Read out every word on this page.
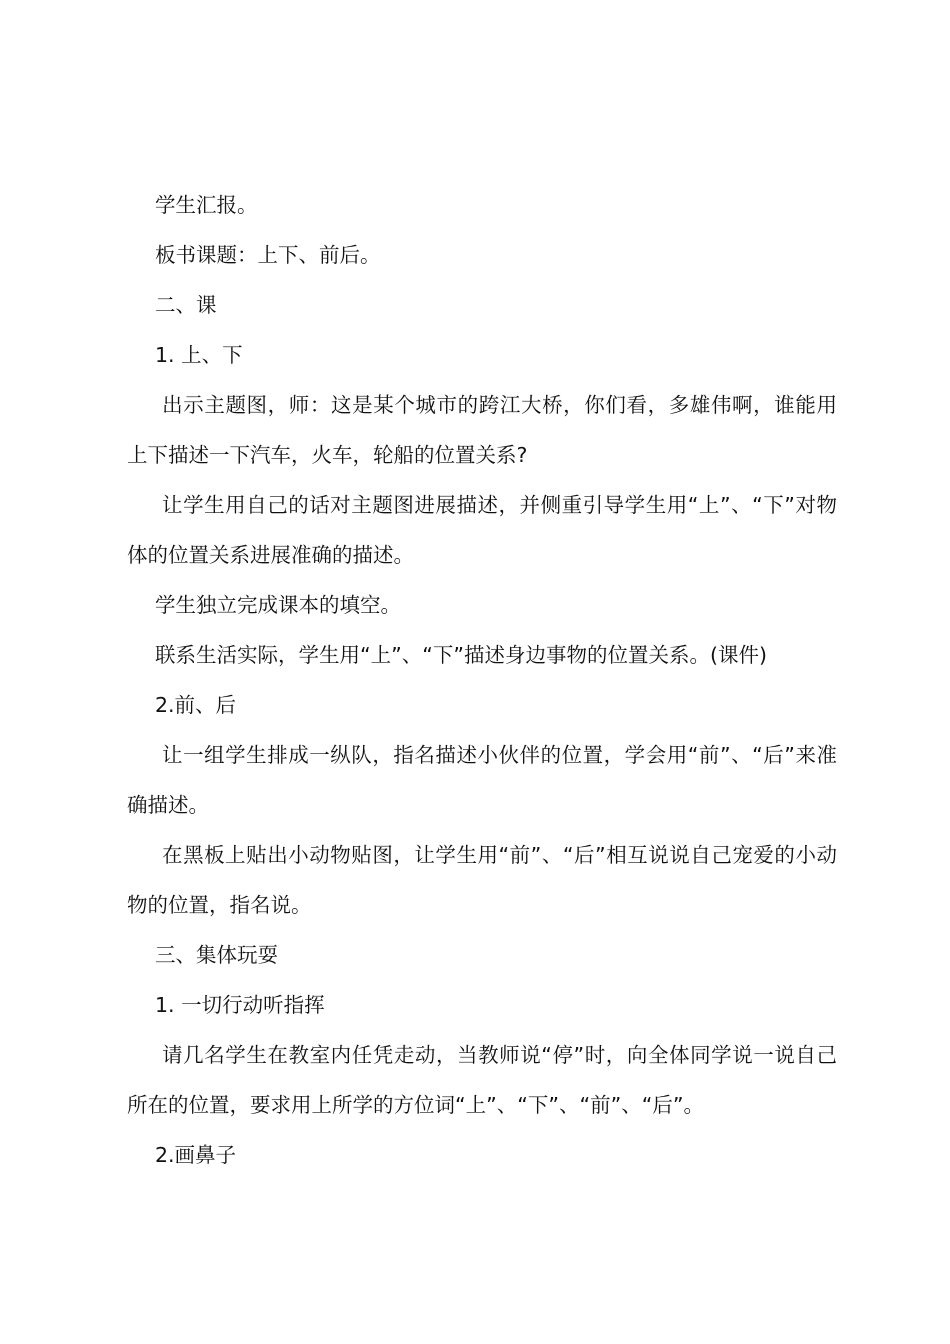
学生汇报。

板书课题：上下、前后。

二、课

1. 上、下

出示主题图，师：这是某个城市的跨江大桥，你们看，多雄伟啊，谁能用上下描述一下汽车，火车，轮船的位置关系?

让学生用自己的话对主题图进展描述，并侧重引导学生用“上”、“下”对物体的位置关系进展准确的描述。

学生独立完成课本的填空。

联系生活实际，学生用“上”、“下”描述身边事物的位置关系。(课件)

2.前、后

让一组学生排成一纵队，指名描述小伙伴的位置，学会用“前”、“后”来准确描述。

在黑板上贴出小动物贴图，让学生用“前”、“后”相互说说自己宠爱的小动物的位置，指名说。

三、集体玩耍

1. 一切行动听指挥

请几名学生在教室内任凭走动，当教师说“停”时，向全体同学说一说自己所在的位置，要求用上所学的方位词“上”、“下”、“前”、“后”。

2.画鼻子
